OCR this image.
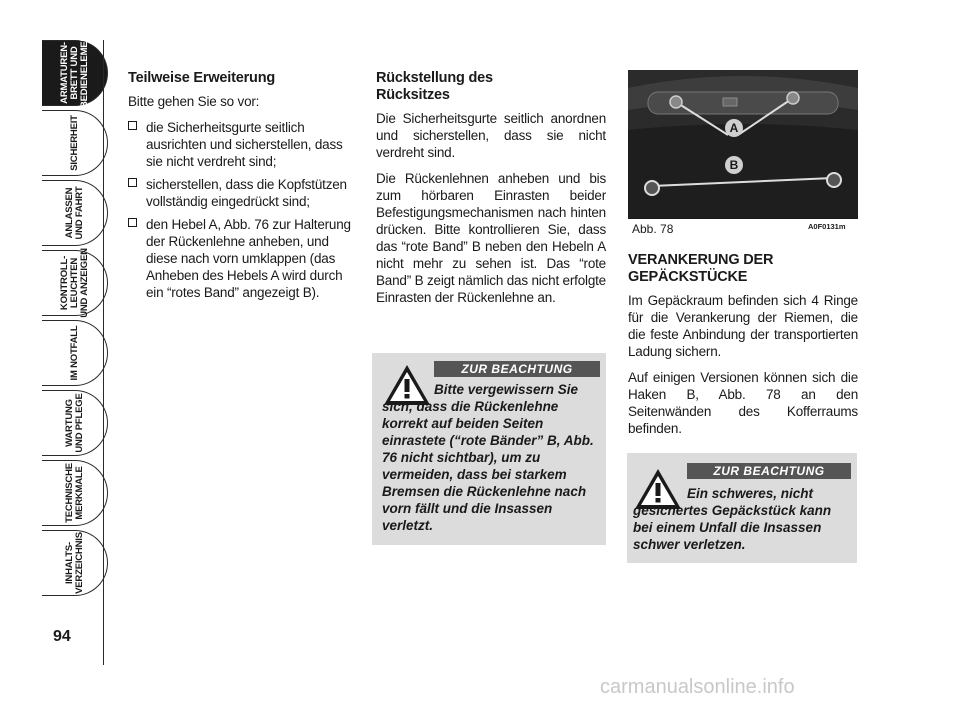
ARMATUREN-
BRETT UND
BEDIENELEMENTE
SICHERHEIT
ANLASSEN
UND FAHRT
KONTROLL-
LEUCHTEN
UND ANZEIGEN
IM NOTFALL
WARTUNG
UND PFLEGE
TECHNISCHE
MERKMALE
INHALTS-
VERZEICHNIS
94
Teilweise Erweiterung

Bitte gehen Sie so vor:

die Sicherheitsgurte seitlich ausrichten und sicherstellen, dass sie nicht verdreht sind;
sicherstellen, dass die Kopfstützen vollständig eingedrückt sind;
den Hebel A, Abb. 76 zur Halterung der Rückenlehne anheben, und diese nach vorn umklappen (das Anheben des Hebels A wird durch ein “rotes Band” angezeigt B).
Rückstellung des Rücksitzes

Die Sicherheitsgurte seitlich anordnen und sicherstellen, dass sie nicht verdreht sind.

Die Rückenlehnen anheben und bis zum hörbaren Einrasten beider Befestigungsmechanismen nach hinten drücken. Bitte kontrollieren Sie, dass das “rote Band” B neben den Hebeln A nicht mehr zu sehen ist. Das “rote Band” B zeigt nämlich das nicht erfolgte Einrasten der Rückenlehne an.

ZUR BEACHTUNG
Bitte vergewissern Sie sich, dass die Rückenlehne korrekt auf beiden Seiten einrastete (“rote Bänder” B, Abb. 76 nicht sichtbar), um zu vermeiden, dass bei starkem Bremsen die Rückenlehne nach vorn fällt und die Insassen verletzt.
A
B
Abb. 78	A0F0131m
VERANKERUNG DER GEPÄCKSTÜCKE

Im Gepäckraum befinden sich 4 Ringe für die Verankerung der Riemen, die die feste Anbindung der transportierten Ladung sichern.

Auf einigen Versionen können sich die Haken B, Abb. 78 an den Seitenwänden des Kofferraums befinden.

ZUR BEACHTUNG
Ein schweres, nicht gesichertes Gepäckstück kann bei einem Unfall die Insassen schwer verletzen.
carmanualsonline.info
